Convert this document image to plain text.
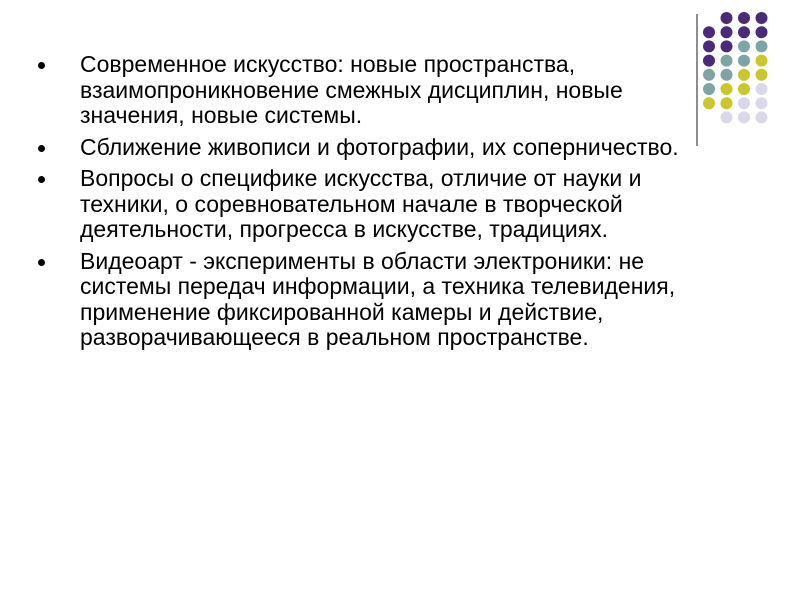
Современное искусство: новые пространства, взаимопроникновение смежных дисциплин, новые значения, новые системы.
Сближение живописи и фотографии, их соперничество.
Вопросы о специфике искусства, отличие от науки и техники, о соревновательном начале в творческой деятельности, прогресса в искусстве, традициях.
Видеоарт - эксперименты в области электроники: не системы передач информации, а техника телевидения, применение фиксированной камеры и действие, разворачивающееся в реальном пространстве.
